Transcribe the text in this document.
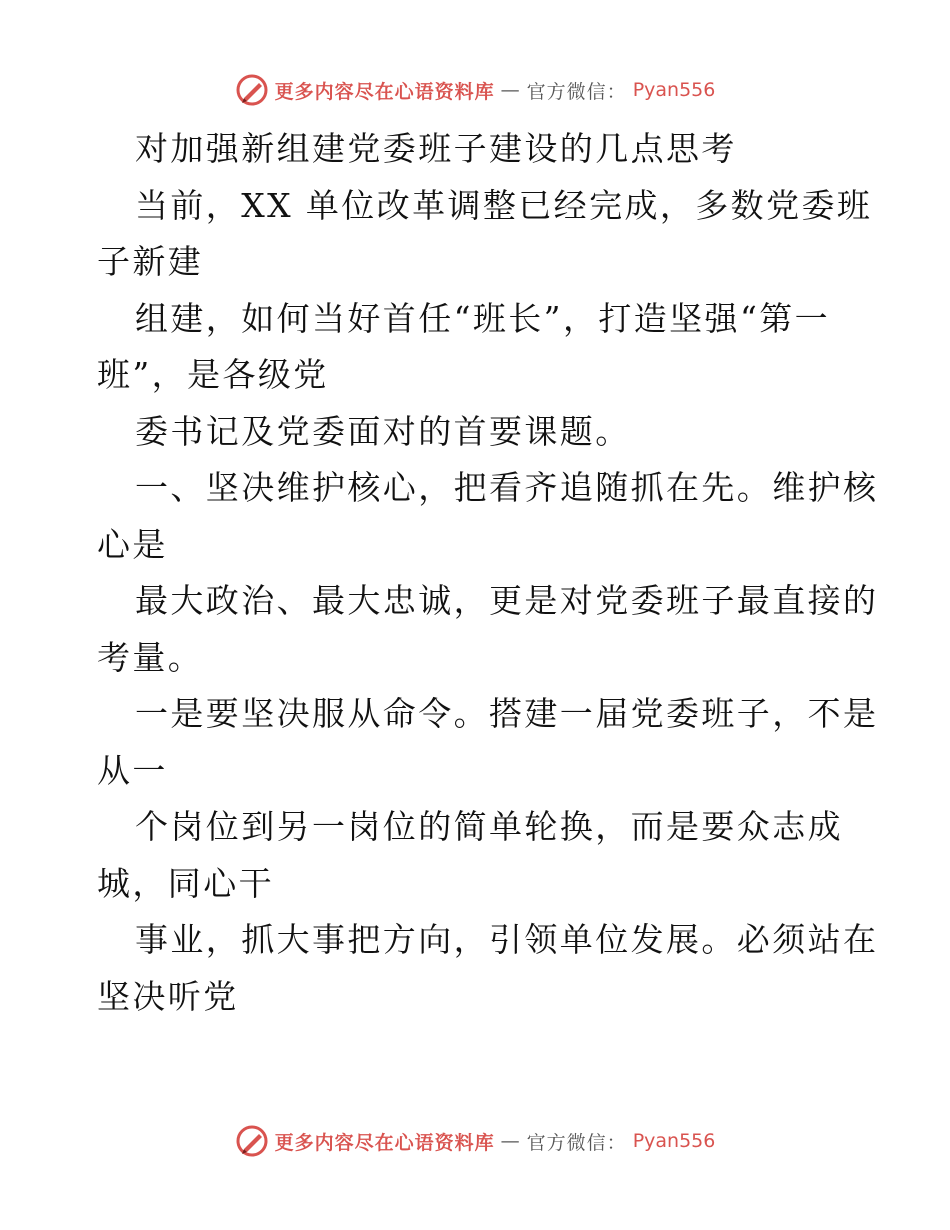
更多内容尽在心语资料库 — 官方微信： Pyan556
对加强新组建党委班子建设的几点思考
当前，XX 单位改革调整已经完成，多数党委班
子新建
组建，如何当好首任“班长”，打造坚强“第一
班”，是各级党
委书记及党委面对的首要课题。
一、坚决维护核心，把看齐追随抓在先。维护核
心是
最大政治、最大忠诚，更是对党委班子最直接的
考量。
一是要坚决服从命令。搭建一届党委班子，不是
从一
个岗位到另一岗位的简单轮换，而是要众志成
城，同心干
事业，抓大事把方向，引领单位发展。必须站在
坚决听党
更多内容尽在心语资料库 — 官方微信： Pyan556
